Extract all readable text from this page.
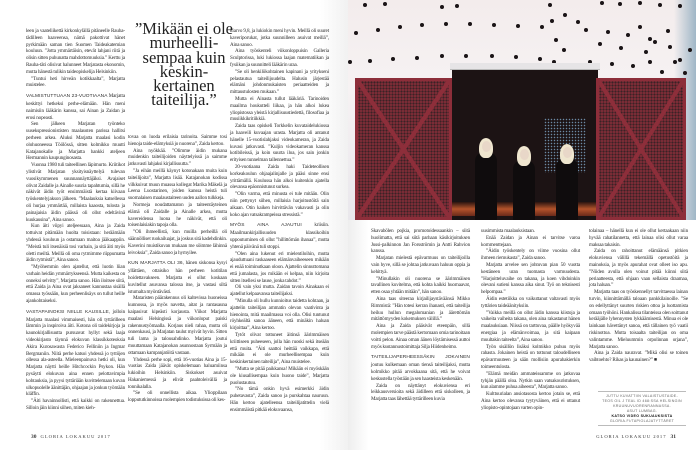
leen ja vaateliikettä kirkonkylällä pitäneelle Rauha-tädilleen haaveensa, nämä pakottivat hänet pyrkimään saman tien Suomen Taideakatemian kouluun. ”Jotta ymmärtäisin, etevät lahjani riitä ja olisin sitten puhunatta mahdottomuuksia.” Kerttu ja Rauha-täti olisivat halunneet Marjatasta ekonomin, mutta hänestä tulikin taideopiskelija Helsinkiin.

”Tuntui heti hirveän kotikkaalta”, Marjatta muistelee.

VALMISTUTTUAAN 23-VUOTIAANA Marjatta keskittyi hetkeksi perhe-elämään. Hän meni naimisiin lääkärin kanssa, sai Ainan ja Zaidan ja erosi nopeasti.

Sen jälkeen Marjatan työnteko uusekspressionististen maalausten parissa hallitsi perheen arkea. Aluksi Marjatta maalasi kodin olohuoneessa Töölössä, sitten kolmikko muutti Katajanokalle ja Marjatta hankki ateljeen Hermannin kaupunginosasta.

Vuonna 1980 tuli taiteellinen läpimurto. Kriitikot ylistivät Marjatan yksityisnäyttelyä tulevan vuosikymmenen suunnannäyttäjäksi. Avajaiset olivat Zaidalle ja Ainalle suuria tapahtumia, sillä he näkivät äidin työt ensimmäistä kertaa kiivaan työskentelyjakson jälkeen. ”Maalauksia katsellessa oli hurjaa ymmärtää, millaista kaaosta, tulosta ja painajaisia äidin päässä oli ollut edeltävinä kuukausina”, Aina sanoo.

Kun äiti viipyi ateljeessaan, Aina ja Zaida tottuivat pitämään huolta toisistaan: heräämään yhdessä kouluun ja ostamaan maitoa jääkaappiin. ”Meistä tuli itsenäisiä tosi varhain, ja sitä äiti myös oletti meiltä. Meillä oli oma rytmimme riippumatta äidin rytmistä”, Aina sanoo.

”Myöhemmin olen ajatellut, että luotin liian varhain heidän ymmärrykseensä. Mutta kaikesta on onneksi selvitty”, Marjatta sanoo. Hän iloitsee siitä, että Zaida ja Aina ovat jaksaneet kannustaa sisällä omassa työssään, kun perheenlisäys on tullut heille ajankohtaiseksi.

VASTAPAINOKSI NIILLE KAUSILLE, jolloin Marjatta maalasi vimmaisesti, hän oli tyttärilleen lämmin ja inspiroiva äiti. Kotona oli taidekirjoja ja kaunokirjallisuutta pursuavat hyllyt sekä laaja videokirjasto täynnä elokuvan klassikkoteoksia Akira Kurosawasta Federico Felliniin ja Ingmar Bergmaniin. Niitä perhe katsoi yhdessä jo tyttöjen ollessa ala-asteella. Mieleenpainuva hetki oli, kun Marjatta näytti heille Hitchcockin Psykon. Hän pysäytti elokuvan aina ennen pelottavimpia kohtauksia, ja pyysi tyttäriään kuvittelemaan kuvan ulkopuolelle äänittäjän, ohjaajan ja jonkun työmään kläffin.

”Äiti havainnollisti, että kaikki on rakennettua. Silloin jäin kiinni siihen, miten kieh-

”Mikään ei ole
murheelli-
sempaa kuin
keskin-
kertainen
taiteilija.”

tovaa on luoda erilaisia tarinoita. Saimme tosi hienoja taide-elämyksiä jo nuorena”, Zaida kertoo.

Aina nyökkää. ”Olimme äidin mukana muidenkin taiteilijoiden näyttelyissä ja saimme jatkuvasti lahjaksi kirjallisuutta.”

”Ja eihän meillä käynyt kotonakaan muita kuin taiteilijoita”, Marjatta lisää. Katajanokan kodissa vilkkuivat muun muassa kollegat Marika Mäkelä ja Leena Luostarinen, joiden kanssa heistä tuli suomalaisen maalaustaiteen uuden aallon tulkkeja.

Normeja noudattamaton ja taiteentäyteinen elämä oli Zaidalle ja Ainalle arkea, mutta kavereidensa luona he näkivät, että oli toisenlaisiakin tapoja olla.

”Oli ihmeellistä, kun muilla perheillä oli säännölliset ruokailuajat, ja joskus sitä kadehdinkin. Kaverini muistikuvan mukaan me söimme lähinnä leivoksia”, Zaida sanoo ja hymyilee.

KUN MARJATTA OLI 36, hänen siskonsa kysyi yllättäen, ottaisiko hän perheen kotitilan hoidettavakseen. Marjatta ei ollut koskaan kuvitellut asuvansa talossa itse, ja vastasi siltä istumalta myöntävästi.

Mataristen päärakennus oli kaltevissa huoneissa kunnossa, ja myös navetta, aitat ja rantasauna kaipasivat kipeästi korjausta. Viikot Marjatta maalasi Helsingissä ja viikonloput paiski rakennustyömaalla. Korjaus nieli rahaa, mutta oli onnenkausi, ja Marjatan taulut myivät hyvin. Sitten tuli lama ja talousahdinko. Marjatta joutui muuttamaan Katajanokan asunnostaan Syrmään ja ottamaan kampanjatöitä vastaan.

Yhdessä perhe sopi, että 16-vuotias Aina ja 15-vuotias Zaida jäävät opiskelemaan haluamiinsa lukioihin Helsinkiin. Siskokset asuivat Hakaniemessä ja elivät paahtoleivällä ja tonnikalalla.

”Se oli onnellista aikaa. Ylioppilaan loppututkinnoissa molempien todistuksissa oli kes-

kiarvo 9,8, ja lukiokin meni hyvin. Meillä oli suuret kaveriporukat, jotka suunnilleen asuivat meillä”, Aina sanoo.

Aina työskenteli viikonloppuisin Galleria Sculptorissa, luki lukiossa laajan matematiikan ja fysiikan ja suunnitteli lääkärin uraa.

”Se oli henkilökohtainen kapinani ja yritykseni pelastautua taiteilijuudelta. Halusin järjestää elämäni johdonmukaisten periaatteiden ja mittaustulosten mukaan.”

Mutta ei Ainasta tullut lääkäriä. Tarinoiden maailma houkutteli liikaa, ja hän alkoi lukea yliopistossa yleistä kirjallisuustiedettä, filosofiaa ja musiikkikritiikkiä.

Zaida taas opiskeli Torkkelin kuvataidelukiossa ja haaveili kuvaajan urasta. Marjatta oli antanut hänelle 15-vuotislahjaksi videokameran, ja Zaida kuvasi jatkuvasti. ”Kuljin videokameran kanssa kotibileissä, ja koin suurta iloa, jos sain jonkin erityisen tunnelman tallennettua.”

20-vuotiaana Zaida haki Taideteollisen korkeakoulun ohjaajalinjalle ja pääsi sinne ensi yrittämällä. Koulussa hän alkoi kuitenkin ajatella olevansa epäonnistunut surkea.

”Olin varma, että minusta ei tule mitään. Olin niin pettynyt siihen, millaisia harjoitustöitä sain aikaan. Otin kaiken hirvittävän vakavasti ja olin koko ajan vatsakrampeissa stressistä.”

MYÖS AINA AJAUTUI kriisiin. Maailmankirjallisuuden klassikoihin uppoutuminen oli ollut ”hillittömän ihanaa”, mutta yhtenä päivänä tuli stoppi.

”Olen aina lukenut eri mielentiloihin, mutta ajauduttuani raskaaseen elämänvaiheeseen mikään ei enää toiminutkaan oloon. Ajattelin sinnuttomana että jumalasta, jos mikään ei kelpaa, niin kirjoita sitten itsellesi se lause, jonka tahdot.”

Oli vain yksi mutta. Zaidan tavoin Ainakaan ei ajatellut kelpaavansa taiteilijaksi.

”Minulla oli hullu kunnioitus taidetta kohtaan, ja ajattelin taiteilijan ammatin olevan vaativinta ja hienointa, mitä maailmassa voi olla. Olisi tuntunut röyhkeältä sanoa ääneen, että minäkin haluan kirjoittaa”, Aina kertoo.

Tytöt olivat tottuneet äitinsä äärimmäisen kriittiseen puheeseen, jolla hän ruoski sekä itseään että muita. ”Äiti saattoi heittää vaikkapa, että mikään ei ole murheellisempaa kuin keskinkertainen taiteilija”, Aina muistelee.

”Mutta se pitää paikkansa! Mikään ei myöskään ole kiusallisempaa kuin huono taide”, Marjatta puolustautuu.

”No tämä onkin hyvä esimerkki äidin puhetavasta”, Zaida sanoo ja purskahtaa nauruun. Hän kertoo ajatelleensa taiteilijatittelin vielä ensimmäistä pitkää elokuvaansa,

30 GLORIA LOKAKUU 2017

Skavabölen pojkia, promotoidessaankin – siitä huolimatta, että sai siitä parhaan käsikirjoituksen Jussi-palkinnon Jan Forsströmin ja Antti Rahvion kanssa.

Marjatan mielestä epävarmuus on taiteilijoilla vain hyve, sillä se johtaa jatkuvaan haluun oppia ja kehittyä.

”Minullakin oli nuorena se äärimmäisen tavallinen kuvitelma, että kohta kaikki huomaavat, etten osaa yhtään mitään”, hän sanoo.

Aina taas siteeraa kirjailijaystäväänsä Mikko Rimmistä: ”Hän totesi kerran ihanasti, että taiteilija heiluu hullun megalomanian ja äärettömän mitättömyyden kokemuksen välillä.”

Aina ja Zaida pääsivät eteenpäin, sillä molempien tarve päästä kertomaan omia tarinoitaan voitti pelon. Ainaa oman äänen löytämisessä auttoi myös kustannustoimittaja Silja Hiidenheimo.

TAITEILIJAPERHEESSÄKIN JOKAINEN joutuu kulkemaan oman tiensä taiteilijaksi, mutta kolmikko pitää arvokkaana sitä, että he voivat keskustella työstään ja sen haasteista keskenään.

Zaida on näyttänyt elokuviensa eri leikkausversioita sekä äidilleen että siskolleen, ja Marjatta taas lähettää tyttärilleen kuvia

uusimmista maalauksistaan.

Enää Zaidan ja Ainan ei tarvitse varoa kommenttejaan.

”Äidin työskentely on viime vuosina ollut ihmeen riemukasta”, Zaida sanoo.

Marjatta arvelee sen johtuvan pian 50 vuotta kestäneen uran tuomasta varmuudesta. ”Harjoitteluvaihe on takana, ja koen vihdoinkin olevani sutieni kanssa aika sinut. Työ on teknisesti helpompaa.”

Äidin estetiikka on vaikuttanut valtavasti myös tyttärien taideäänityksiin.

”Vaikka meillä on ollut äidin kanssa kiistoja ja vaikeita vaiheita takana, olen aina rakastanut hänen maalauksiaan. Niissä on tarttuvaa, päälle hyökyvää energiaa ja elämänvoimaa, ja sitä kaipaan muultakin taiteelta”, Aina sanoo.

Työn sisällön lisäksi kolmikko puhuu myös rahasta. Jokainen heistä on tottunut taloudelliseen epävarmuuteen ja sään mollisiin apurahakierkin toimeentulosta.

”Elämä meidän ammateissamme on jatkuvaa tyhjän päällä oloa. Nytkin saan vatsakouristuksen, kun alamme puhua aiheesta”, Marjatta sanoo.

Kulttuurialan ansiotasosta kertoo jotain se, että Aina kertoo olevansa tyytyväinen, että ei ottanut yliopisto-opintojaan varten opin-

tolainaa – hänellä kun ei ole ollut kertaakaan niin hyvää rahatilannetta, että lainaa olisi ollut varaa maksaa takaisin.

Zaida on rahoittanut elämäänsä pitkien elokuviensa välillä tekemällä opetustöitä ja mainoksia, ja myös apurahat ovat olleet iso apu. ”Niiden avulla olen voinut pitää kiinni siitä periaatteesta, että ohjaan vaan sellaista draamaa, jota haluan.”

Marjatta taas on työskennellyt tarvittaessa lainan turvin, kiinnittämällä taloaan pankkilainoille. ”Se on edellyttänyt suurten riskien ottoa ja luottamista omaan työhöni. Hankalissa tilanteissa olen soittanut kerääjälle lyhennysten lykkäämisestä. Minua ei ole lainkaan hävettänyt sanoa, että tällainen työ vaatii riskinottoa. Mutta toisaalta taiteilijan on oma valintamme. Mieluummin orpolinnan orjana”, Marjatta sanoo.

Aina ja Zaida nauravat. ”Mikä olisi se toinen vaihtoehto? Rikas ja kaunainen?” ■

GLORIA LOKAKUU 2017 31
JUTTU KUVATTIIN VALAISTUSTAIDE-
TEOS OIL J TEAL ID 468:SSA HELSINGIN
KRUUNUVUORENRANNASSA.
ASUT LUMBAG.
KATSO VIDEO SUKUAUKSISTA
GLORIA.FI/TAPIOLAJATYTTÄRET
